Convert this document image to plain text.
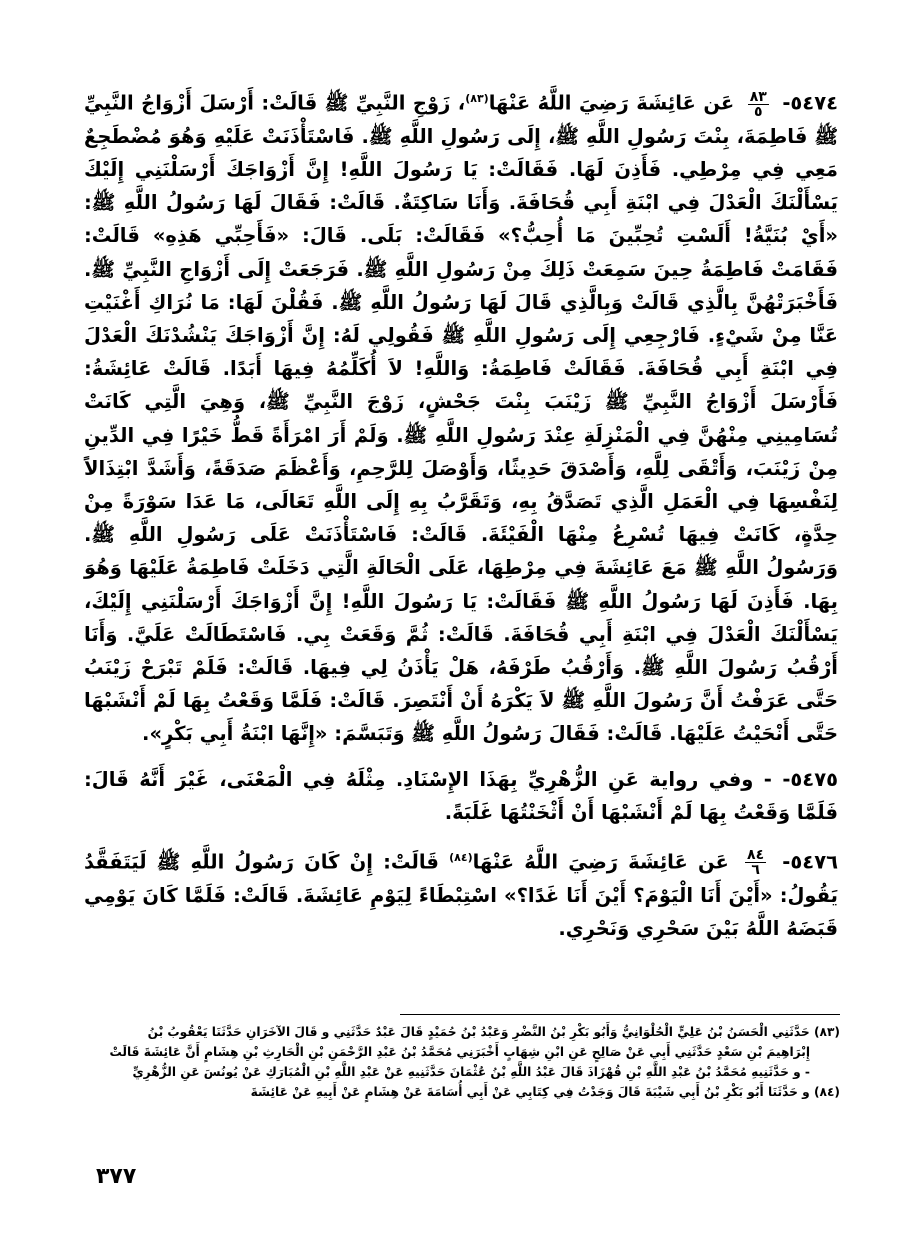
٥٤٧٤-
$\frac{٨٣}{٥}$
عَن عَائِشَةَ رَضِيَ اللَّهُ عَنْهَا$^{(٨٣)}$، زَوْجِ النَّبِيِّ ﷺ قَالَتْ: أَرْسَلَ أَزْوَاجُ النَّبِيِّ ﷺ فَاطِمَةَ، بِنْتَ رَسُولِ اللَّهِ ﷺ، إِلَى رَسُولِ اللَّهِ ﷺ. فَاسْتَأْذَنَتْ عَلَيْهِ وَهُوَ مُضْطَجِعٌ مَعِي فِي مِرْطِي. فَأَذِنَ لَهَا. فَقَالَتْ: يَا رَسُولَ اللَّهِ! إِنَّ أَزْوَاجَكَ أَرْسَلْنَنِي إِلَيْكَ يَسْأَلْنَكَ الْعَدْلَ فِي ابْنَةِ أَبِي قُحَافَةَ. وَأَنَا سَاكِتَةٌ. قَالَتْ: فَقَالَ لَهَا رَسُولُ اللَّهِ ﷺ: «أَيْ بُنَيَّةُ! أَلَسْتِ تُحِبِّينَ مَا أُحِبُّ؟» فَقَالَتْ: بَلَى. قَالَ: «فَأَحِبِّي هَذِهِ» قَالَتْ: فَقَامَتْ فَاطِمَةُ حِينَ سَمِعَتْ ذَلِكَ مِنْ رَسُولِ اللَّهِ ﷺ. فَرَجَعَتْ إِلَى أَزْوَاجِ النَّبِيِّ ﷺ. فَأَخْبَرَتْهُنَّ بِالَّذِي قَالَتْ وَبِالَّذِي قَالَ لَهَا رَسُولُ اللَّهِ ﷺ. فَقُلْنَ لَهَا: مَا نُرَاكِ أَغْنَيْتِ عَنَّا مِنْ شَيْءٍ. فَارْجِعِي إِلَى رَسُولِ اللَّهِ ﷺ فَقُولِي لَهُ: إِنَّ أَزْوَاجَكَ يَنْشُدْنَكَ الْعَدْلَ فِي ابْنَةِ أَبِي قُحَافَةَ. فَقَالَتْ فَاطِمَةُ: وَاللَّهِ! لاَ أُكَلِّمُهُ فِيهَا أَبَدًا. قَالَتْ عَائِشَةُ: فَأَرْسَلَ أَزْوَاجُ النَّبِيِّ ﷺ زَيْنَبَ بِنْتَ جَحْشٍ، زَوْجَ النَّبِيِّ ﷺ، وَهِيَ الَّتِي كَانَتْ تُسَامِينِي مِنْهُنَّ فِي الْمَنْزِلَةِ عِنْدَ رَسُولِ اللَّهِ ﷺ. وَلَمْ أَرَ امْرَأَةً قَطُّ خَيْرًا فِي الدِّينِ مِنْ زَيْنَبَ، وَأَتْقَى لِلَّهِ، وَأَصْدَقَ حَدِيثًا، وَأَوْصَلَ لِلرَّحِمِ، وَأَعْظَمَ صَدَقَةً، وَأَشَدَّ ابْتِذَالاً لِنَفْسِهَا فِي الْعَمَلِ الَّذِي تَصَدَّقُ بِهِ، وَتَقَرَّبُ بِهِ إِلَى اللَّهِ تَعَالَى، مَا عَدَا سَوْرَةً مِنْ حِدَّةٍ، كَانَتْ فِيهَا تُسْرِعُ مِنْهَا الْفَيْئَةَ. قَالَتْ: فَاسْتَأْذَنَتْ عَلَى رَسُولِ اللَّهِ ﷺ. وَرَسُولُ اللَّهِ ﷺ مَعَ عَائِشَةَ فِي مِرْطِهَا، عَلَى الْحَالَةِ الَّتِي دَخَلَتْ فَاطِمَةُ عَلَيْهَا وَهُوَ بِهَا. فَأَذِنَ لَهَا رَسُولُ اللَّهِ ﷺ فَقَالَتْ: يَا رَسُولَ اللَّهِ! إِنَّ أَزْوَاجَكَ أَرْسَلْنَنِي إِلَيْكَ، يَسْأَلْنَكَ الْعَدْلَ فِي ابْنَةِ أَبِي قُحَافَةَ. قَالَتْ: ثُمَّ وَقَعَتْ بِي. فَاسْتَطَالَتْ عَلَيَّ. وَأَنَا أَرْقُبُ رَسُولَ اللَّهِ ﷺ. وَأَرْقُبُ طَرْفَهُ، هَلْ يَأْذَنُ لِي فِيهَا. قَالَتْ: فَلَمْ تَبْرَحْ زَيْنَبُ حَتَّى عَرَفْتُ أَنَّ رَسُولَ اللَّهِ ﷺ لاَ يَكْرَهُ أَنْ أَنْتَصِرَ. قَالَتْ: فَلَمَّا وَقَعْتُ بِهَا لَمْ أَنْشَبْهَا حَتَّى أَنْحَيْتُ عَلَيْهَا. قَالَتْ: فَقَالَ رَسُولُ اللَّهِ ﷺ وَتَبَسَّمَ: «إِنَّهَا ابْنَةُ أَبِي بَكْرٍ».

٥٤٧٥- - وفي رواية عَنِ الزُّهْرِيِّ بِهَذَا الإِسْنَادِ. مِثْلَهُ فِي الْمَعْنَى، غَيْرَ أَنَّهُ قَالَ: فَلَمَّا وَقَعْتُ بِهَا لَمْ أَنْشَبْهَا أَنْ أَثْخَنْتُهَا غَلَبَةً.

٥٤٧٦-
$\frac{٨٤}{٦}$
عَن عَائِشَةَ رَضِيَ اللَّهُ عَنْهَا$^{(٨٤)}$ قَالَتْ: إِنْ كَانَ رَسُولُ اللَّهِ ﷺ لَيَتَفَقَّدُ يَقُولُ: «أَيْنَ أَنَا الْيَوْمَ؟ أَيْنَ أَنَا غَدًا؟» اسْتِبْطَاءً لِيَوْمِ عَائِشَةَ. قَالَتْ: فَلَمَّا كَانَ يَوْمِي قَبَضَهُ اللَّهُ بَيْنَ سَحْرِي وَنَحْرِي.

(٨٣) حَدَّثَنِي الْحَسَنُ بْنُ عَلِيٍّ الْحُلْوَانِيُّ وَأَبُو بَكْرِ بْنُ النَّضْرِ وَعَبْدُ بْنُ حُمَيْدٍ قَالَ عَبْدٌ حَدَّثَنِي و قَالَ الآخَرَانِ حَدَّثَنَا يَعْقُوبُ بْنُ

إِبْرَاهِيمَ بْنِ سَعْدٍ حَدَّثَنِي أَبِي عَنْ صَالِحٍ عَنِ ابْنِ شِهَابٍ أَخْبَرَنِي مُحَمَّدُ بْنُ عَبْدِ الرَّحْمَنِ بْنِ الْحَارِثِ بْنِ هِشَامٍ أَنَّ عَائِشَةَ قَالَتْ

- و حَدَّثَنِيهِ مُحَمَّدُ بْنُ عَبْدِ اللَّهِ بْنِ قُهْزَاذَ قَالَ عَبْدُ اللَّهِ بْنُ عُثْمَانَ حَدَّثَنِيهِ عَنْ عَبْدِ اللَّهِ بْنِ الْمُبَارَكِ عَنْ يُونُسَ عَنِ الزُّهْرِيِّ

(٨٤) و حَدَّثَنَا أَبُو بَكْرِ بْنُ أَبِي شَيْبَةَ قَالَ وَجَدْتُ فِي كِتَابِي عَنْ أَبِي أُسَامَةَ عَنْ هِشَامٍ عَنْ أَبِيهِ عَنْ عَائِشَةَ

٣٧٧
